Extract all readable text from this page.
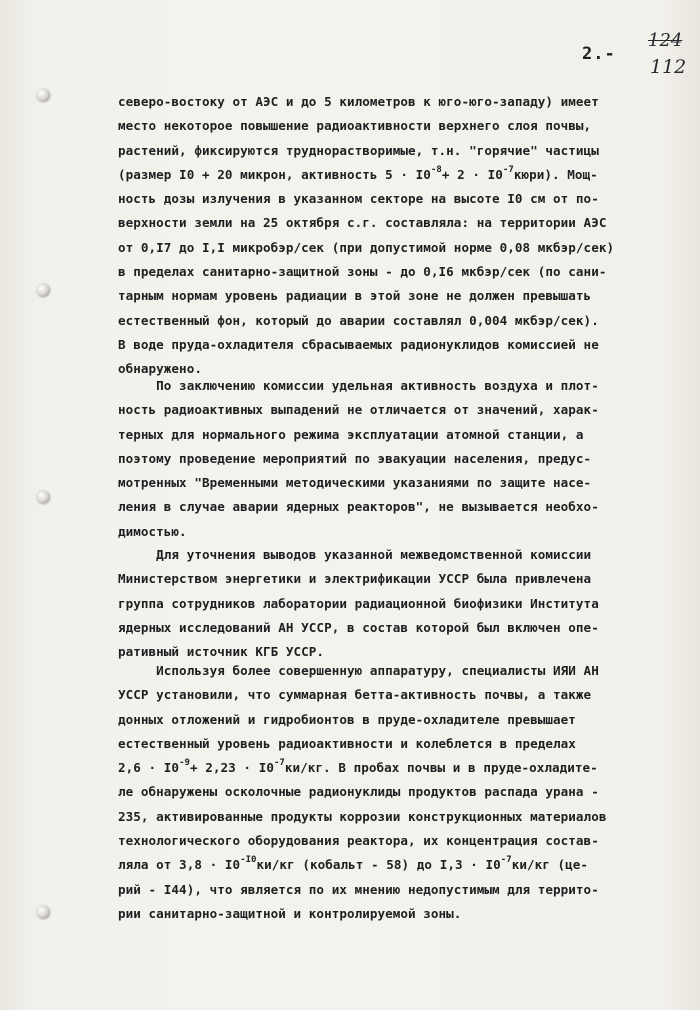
2.-
124
112
северо-востоку от АЭС и до 5 километров к юго-юго-западу) имеет
место некоторое повышение радиоактивности верхнего слоя почвы,
растений, фиксируются труднорастворимые, т.н. "горячие" частицы
(размер I0 + 20 микрон, активность $5 \cdot I0^{-8}+ 2$ · $I0^{-7}кюри$). Мощ-
ность дозы излучения в указанном секторе на высоте I0 см от по-
верхности земли на 25 октября с.г. составляла: на территории АЭС
от 0,I7 до I,I микробэр/сек (при допустимой норме 0,08 мкбэр/сек)
в пределах санитарно-защитной зоны - до 0,I6 мкбэр/сек (по сани-
тарным нормам уровень радиации в этой зоне не должен превышать
естественный фон, который до аварии составлял 0,004 мкбэр/сек).
В воде пруда-охладителя сбрасываемых радионуклидов комиссией не
обнаружено.
По заключению комиссии удельная активность воздуха и плот-
ность радиоактивных выпадений не отличается от значений, харак-
терных для нормального режима эксплуатации атомной станции, а
поэтому проведение мероприятий по эвакуации населения, предус-
мотренных "Временными методическими указаниями по защите насе-
ления в случае аварии ядерных реакторов", не вызывается необхо-
димостью.
Для уточнения выводов указанной межведомственной комиссии
Министерством энергетики и электрификации УССР была привлечена
группа сотрудников лаборатории радиационной биофизики Института
ядерных исследований АН УССР, в состав которой был включен опе-
ративный источник КГБ УССР.
Используя более совершенную аппаратуру, специалисты ИЯИ АН
УССР установили, что суммарная бетта-активность почвы, а также
донных отложений и гидробионтов в пруде-охладителе превышает
естественный уровень радиоактивности и колеблется в пределах
$2,6 \cdot I0^{-9}+ 2,23 \cdot I0^{-7}ки/кг$. В пробах почвы и в пруде-охладите-
ле обнаружены осколочные радионуклиды продуктов распада урана -
235, активированные продукты коррозии конструкционных материалов
технологического оборудования реактора, их концентрация состав-
ляла от $3,8 \cdot I0^{-I0}ки/кг$ (кобальт - 58) до $I,3 \cdot I0^{-7}ки/кг$ (це-
рий - I44), что является по их мнению недопустимым для террито-
рии санитарно-защитной и контролируемой зоны.
